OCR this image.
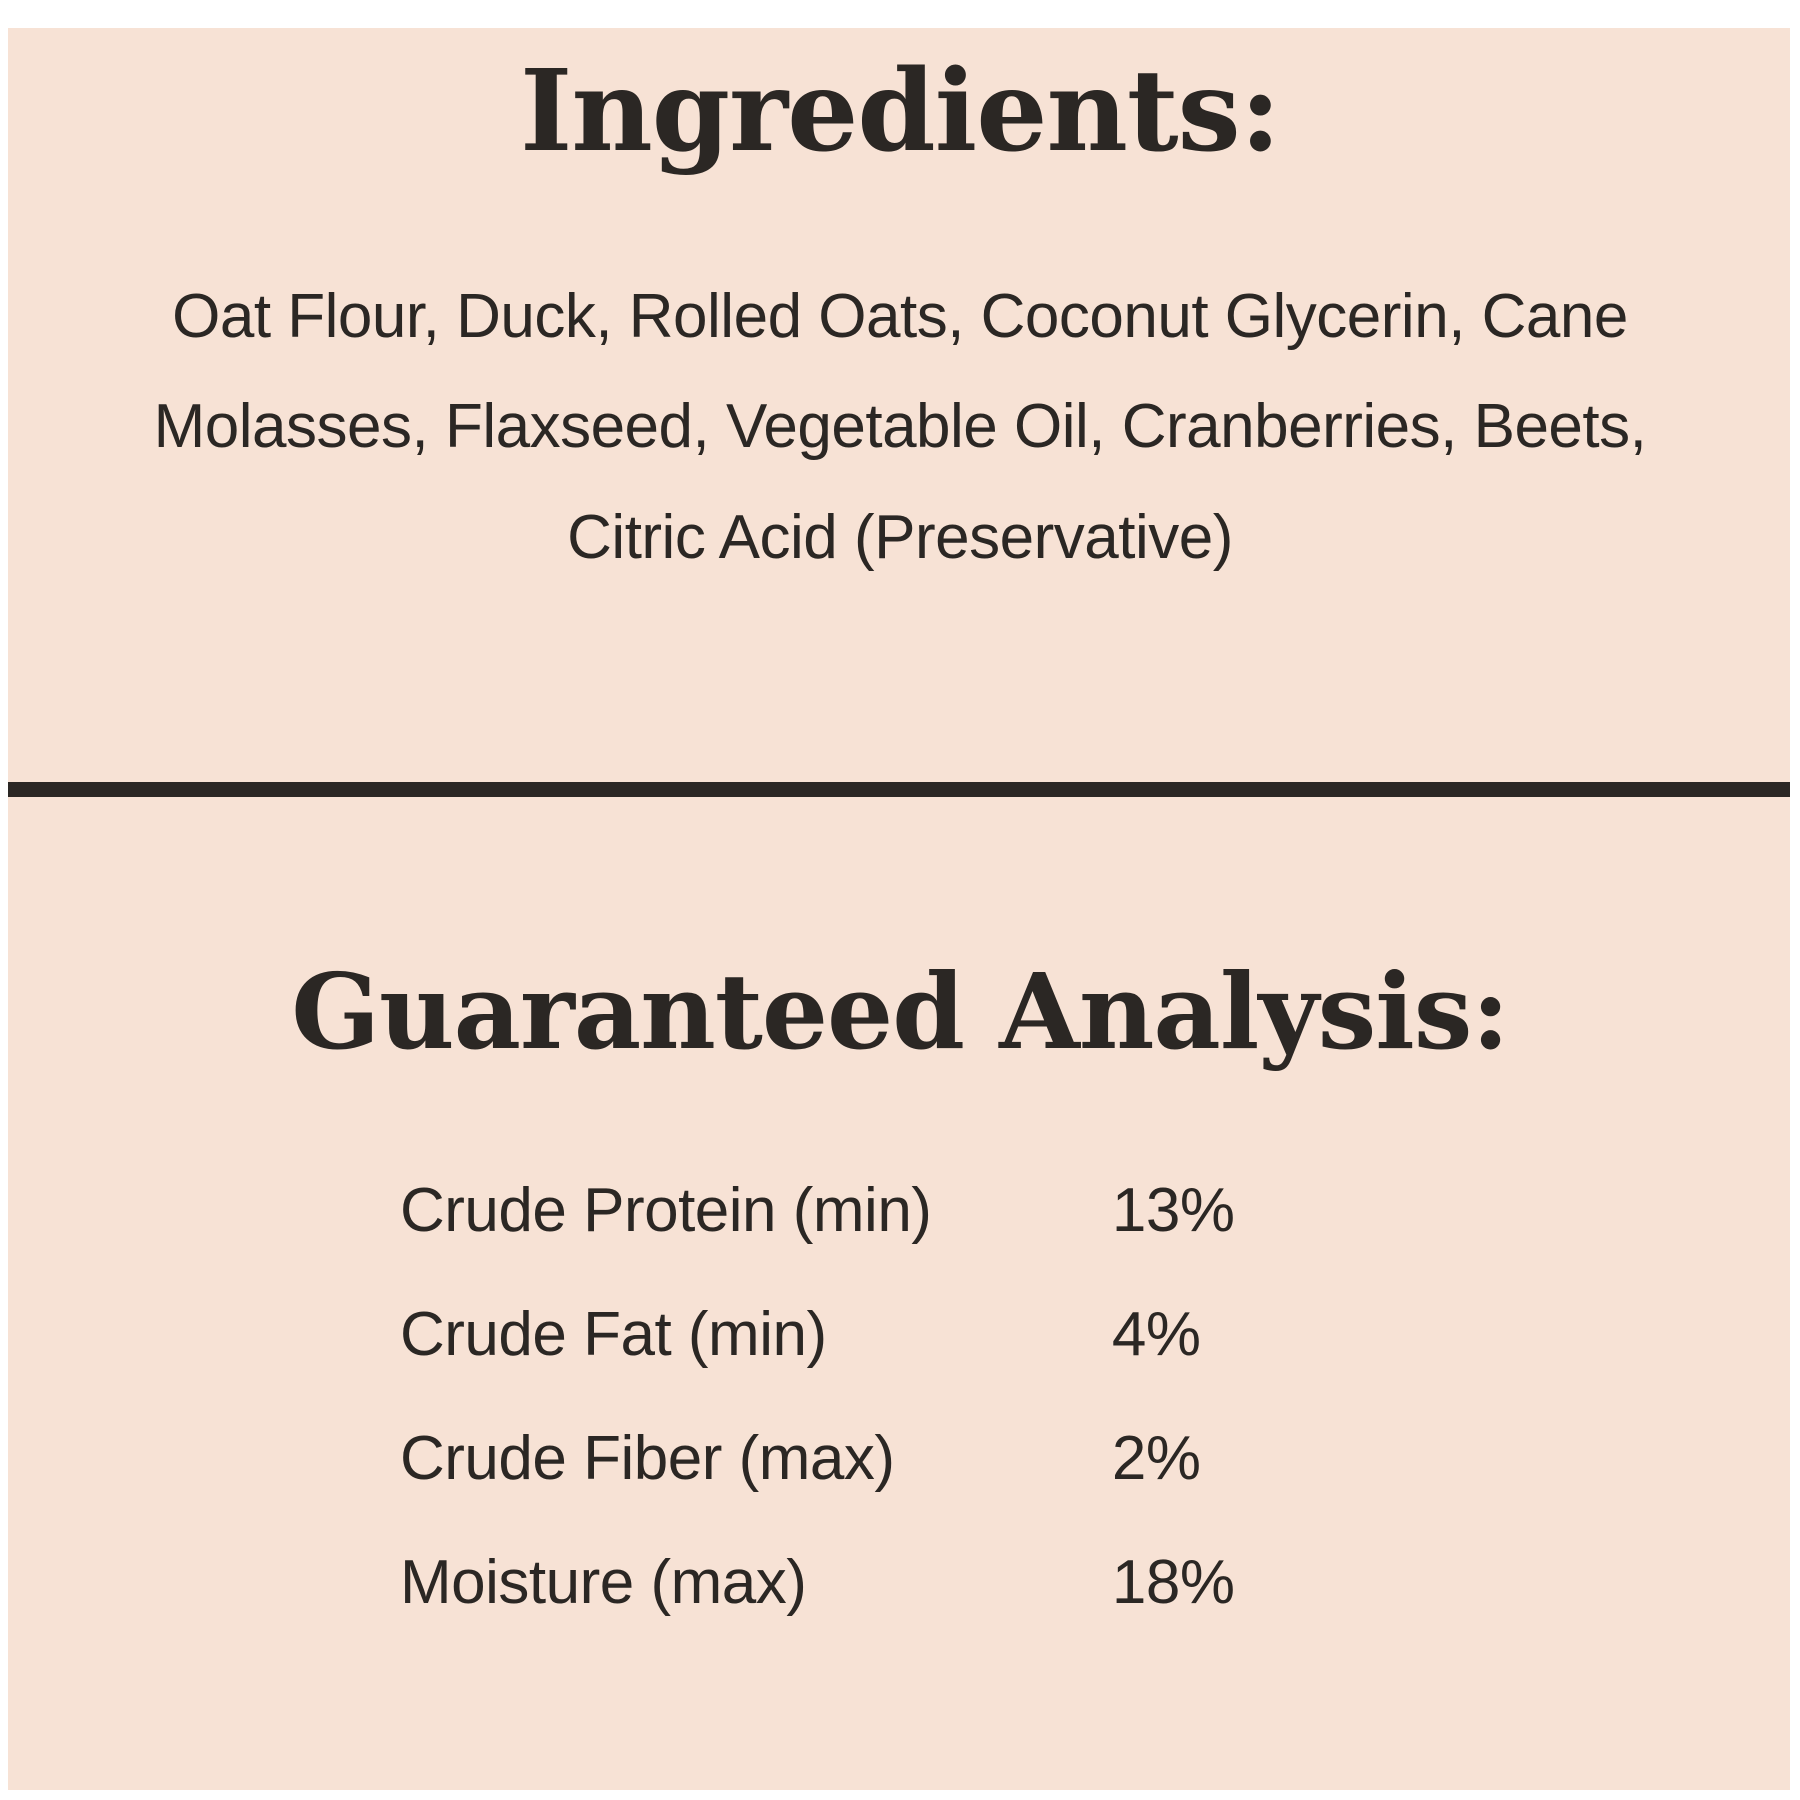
Ingredients:
Oat Flour, Duck, Rolled Oats, Coconut Glycerin, Cane Molasses, Flaxseed, Vegetable Oil, Cranberries, Beets, Citric Acid (Preservative)
Guaranteed Analysis:
Crude Protein (min)	13%
Crude Fat (min)	4%
Crude Fiber (max)	2%
Moisture (max)	18%
